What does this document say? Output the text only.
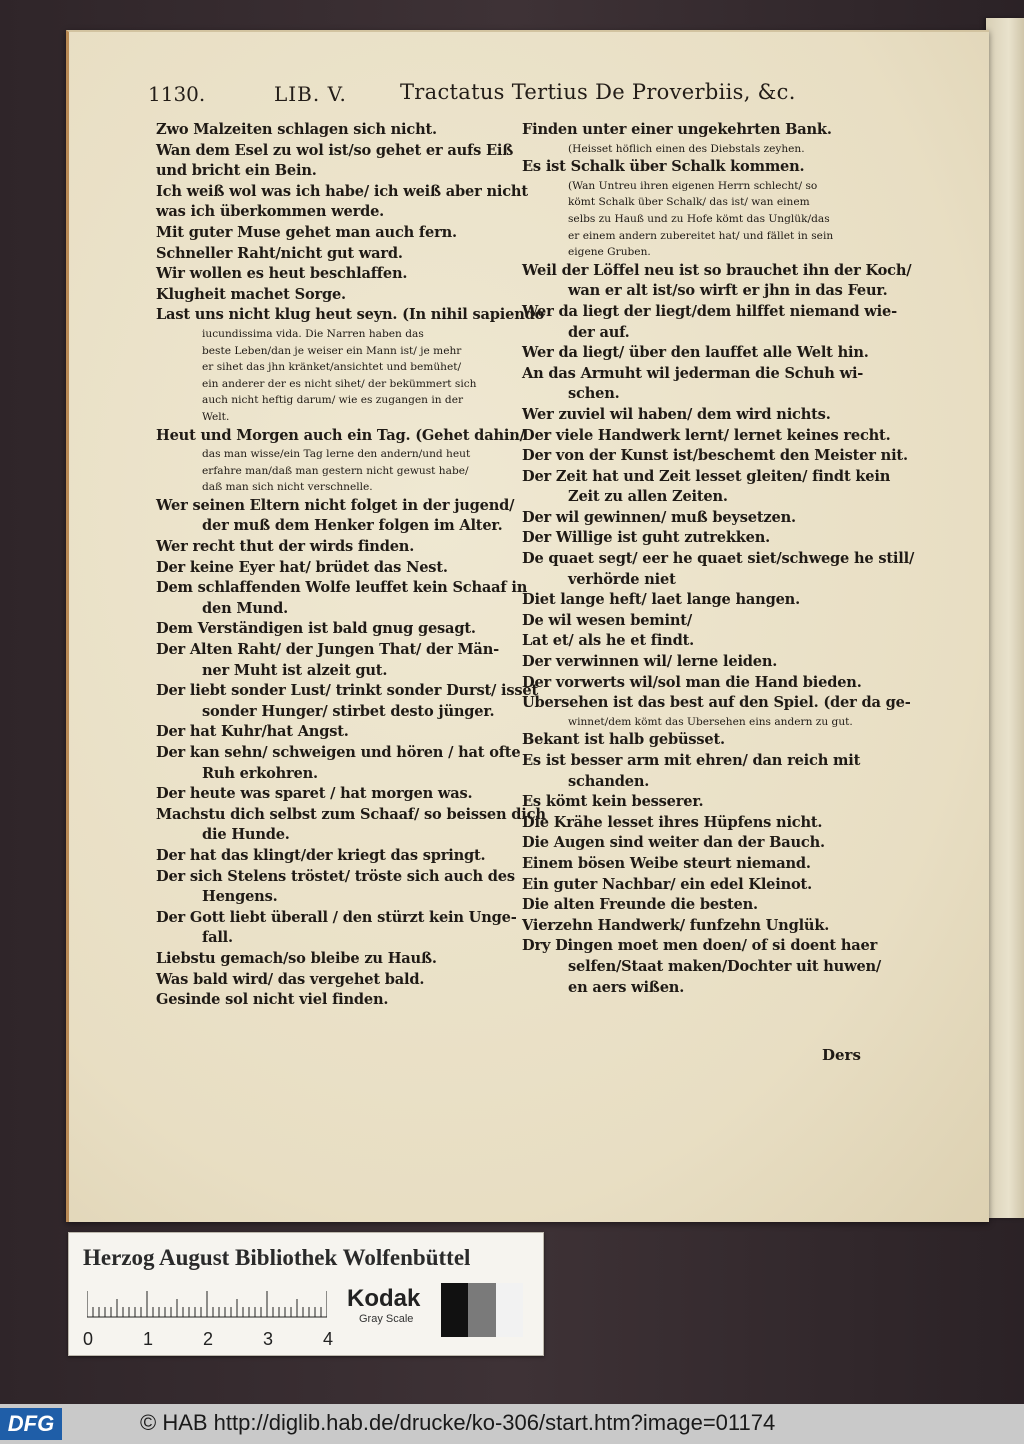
1130.	LIB. V.	Tractatus Tertius De Proverbiis, &c.
Zwo Malzeiten schlagen sich nicht.
Wan dem Esel zu wol ist/so gehet er aufs Eiß
und bricht ein Bein.
Ich weiß wol was ich habe/ ich weiß aber nicht
was ich überkommen werde.
Mit guter Muse gehet man auch fern.
Schneller Raht/nicht gut ward.
Wir wollen es heut beschlaffen.
Klugheit machet Sorge.
Last uns nicht klug heut seyn. (In nihil sapiendo
iucundissima vida. Die Narren haben das
beste Leben/dan je weiser ein Mann ist/ je mehr
er sihet das jhn kränket/ansichtet und bemühet/
ein anderer der es nicht sihet/ der bekümmert sich
auch nicht heftig darum/ wie es zugangen in der
Welt.
Heut und Morgen auch ein Tag. (Gehet dahin/
das man wisse/ein Tag lerne den andern/und heut
erfahre man/daß man gestern nicht gewust habe/
daß man sich nicht verschnelle.
Wer seinen Eltern nicht folget in der jugend/
der muß dem Henker folgen im Alter.
Wer recht thut der wirds finden.
Der keine Eyer hat/ brüdet das Nest.
Dem schlaffenden Wolfe leuffet kein Schaaf in
den Mund.
Dem Verständigen ist bald gnug gesagt.
Der Alten Raht/ der Jungen That/ der Män-
ner Muht ist alzeit gut.
Der liebt sonder Lust/ trinkt sonder Durst/ isset
sonder Hunger/ stirbet desto jünger.
Der hat Kuhr/hat Angst.
Der kan sehn/ schweigen und hören / hat ofte
Ruh erkohren.
Der heute was sparet / hat morgen was.
Machstu dich selbst zum Schaaf/ so beissen dich
die Hunde.
Der hat das klingt/der kriegt das springt.
Der sich Stelens tröstet/ tröste sich auch des
Hengens.
Der Gott liebt überall / den stürzt kein Unge-
fall.
Liebstu gemach/so bleibe zu Hauß.
Was bald wird/ das vergehet bald.
Gesinde sol nicht viel finden.
Finden unter einer ungekehrten Bank.
(Heisset höflich einen des Diebstals zeyhen.
Es ist Schalk über Schalk kommen.
(Wan Untreu ihren eigenen Herrn schlecht/ so
kömt Schalk über Schalk/ das ist/ wan einem
selbs zu Hauß und zu Hofe kömt das Unglük/das
er einem andern zubereitet hat/ und fället in sein
eigene Gruben.
Weil der Löffel neu ist so brauchet ihn der Koch/
wan er alt ist/so wirft er jhn in das Feur.
Wer da liegt der liegt/dem hilffet niemand wie-
der auf.
Wer da liegt/ über den lauffet alle Welt hin.
An das Armuht wil jederman die Schuh wi-
schen.
Wer zuviel wil haben/ dem wird nichts.
Der viele Handwerk lernt/ lernet keines recht.
Der von der Kunst ist/beschemt den Meister nit.
Der Zeit hat und Zeit lesset gleiten/ findt kein
Zeit zu allen Zeiten.
Der wil gewinnen/ muß beysetzen.
Der Willige ist guht zutrekken.
De quaet segt/ eer he quaet siet/schwege he still/
verhörde niet
Diet lange heft/ laet lange hangen.
De wil wesen bemint/
Lat et/ als he et findt.
Der verwinnen wil/ lerne leiden.
Der vorwerts wil/sol man die Hand bieden.
Ubersehen ist das best auf den Spiel. (der da ge-
winnet/dem kömt das Ubersehen eins andern zu gut.
Bekant ist halb gebüsset.
Es ist besser arm mit ehren/ dan reich mit
schanden.
Es kömt kein besserer.
Die Krähe lesset ihres Hüpfens nicht.
Die Augen sind weiter dan der Bauch.
Einem bösen Weibe steurt niemand.
Ein guter Nachbar/ ein edel Kleinot.
Die alten Freunde die besten.
Vierzehn Handwerk/ funfzehn Unglük.
Dry Dingen moet men doen/ of si doent haer
selfen/Staat maken/Dochter uit huwen/
en aers wißen.
Ders
Herzog August Bibliothek Wolfenbüttel
0	1	2	3	4
Kodak
Gray Scale
DFG	© HAB http://diglib.hab.de/drucke/ko-306/start.htm?image=01174
